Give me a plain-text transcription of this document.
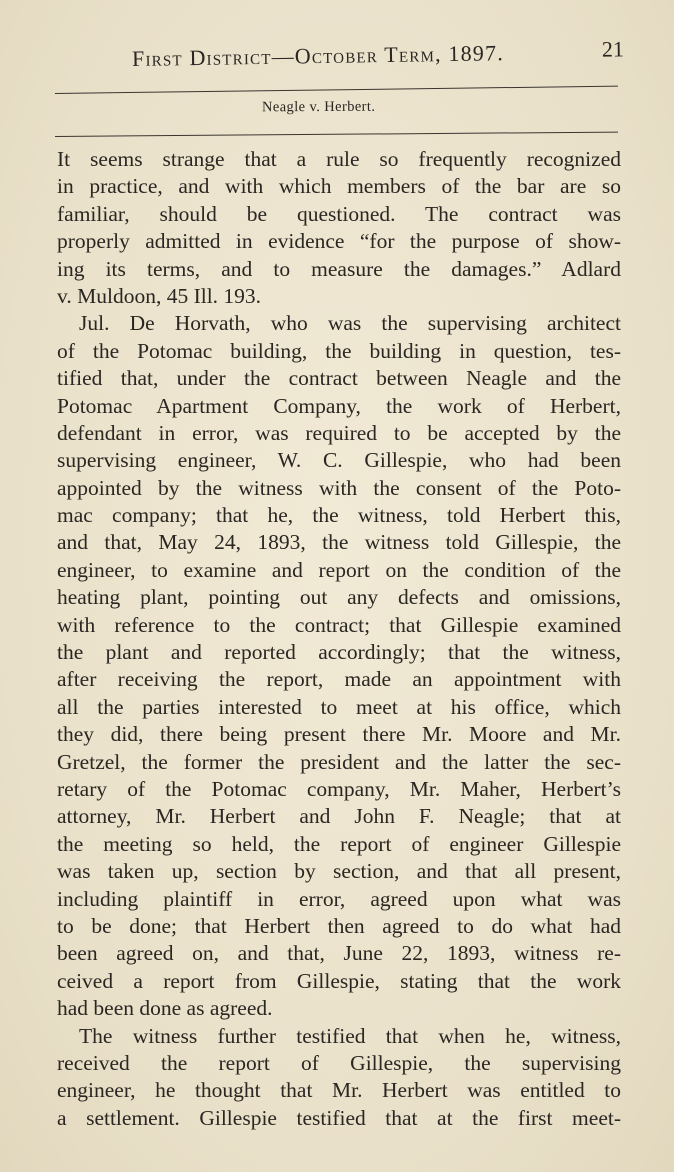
First District—October Term, 1897.	21
Neagle v. Herbert.
It seems strange that a rule so frequently recognized
in practice, and with which members of the bar are so
familiar, should be questioned. The contract was
properly admitted in evidence “for the purpose of show-
ing its terms, and to measure the damages.” Adlard
v. Muldoon, 45 Ill. 193.
Jul. De Horvath, who was the supervising architect
of the Potomac building, the building in question, tes-
tified that, under the contract between Neagle and the
Potomac Apartment Company, the work of Herbert,
defendant in error, was required to be accepted by the
supervising engineer, W. C. Gillespie, who had been
appointed by the witness with the consent of the Poto-
mac company; that he, the witness, told Herbert this,
and that, May 24, 1893, the witness told Gillespie, the
engineer, to examine and report on the condition of the
heating plant, pointing out any defects and omissions,
with reference to the contract; that Gillespie examined
the plant and reported accordingly; that the witness,
after receiving the report, made an appointment with
all the parties interested to meet at his office, which
they did, there being present there Mr. Moore and Mr.
Gretzel, the former the president and the latter the sec-
retary of the Potomac company, Mr. Maher, Herbert’s
attorney, Mr. Herbert and John F. Neagle; that at
the meeting so held, the report of engineer Gillespie
was taken up, section by section, and that all present,
including plaintiff in error, agreed upon what was
to be done; that Herbert then agreed to do what had
been agreed on, and that, June 22, 1893, witness re-
ceived a report from Gillespie, stating that the work
had been done as agreed.
The witness further testified that when he, witness,
received the report of Gillespie, the supervising
engineer, he thought that Mr. Herbert was entitled to
a settlement. Gillespie testified that at the first meet-
